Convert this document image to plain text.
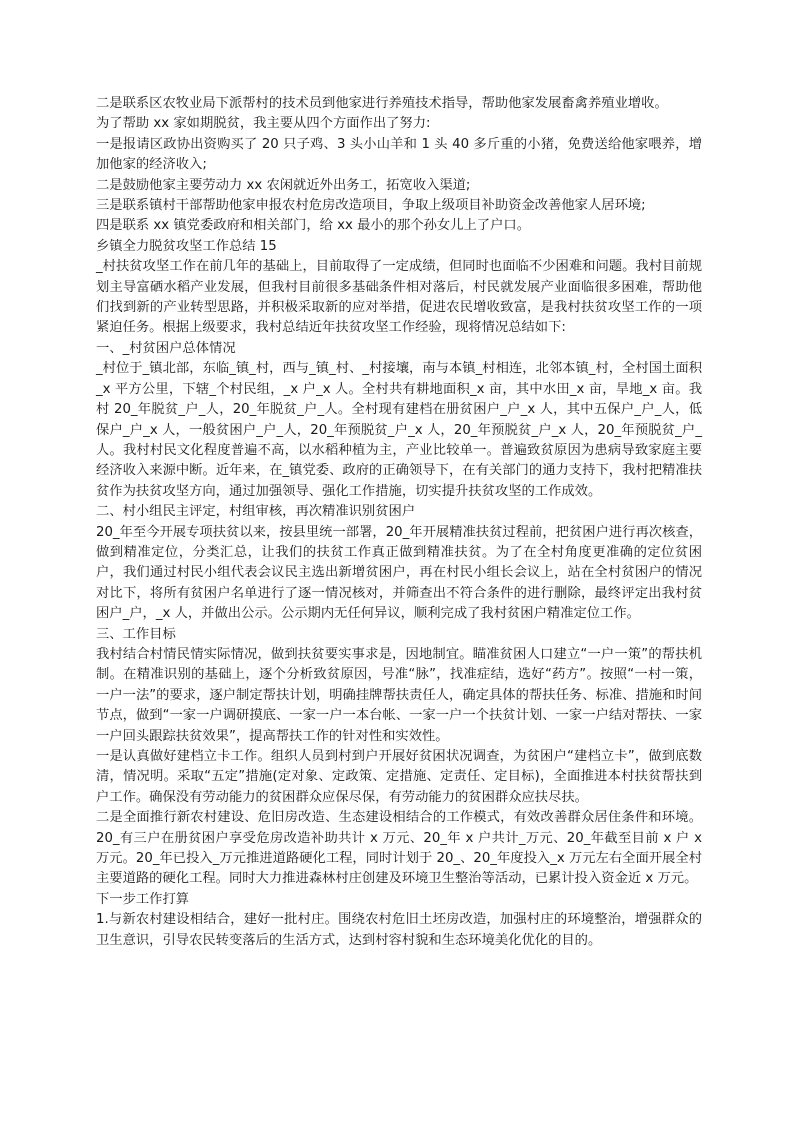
二是联系区农牧业局下派帮村的技术员到他家进行养殖技术指导，帮助他家发展畜禽养殖业增收。

为了帮助 xx 家如期脱贫，我主要从四个方面作出了努力:

一是报请区政协出资购买了 20 只子鸡、3 头小山羊和 1 头 40 多斤重的小猪，免费送给他家喂养，增加他家的经济收入;

二是鼓励他家主要劳动力 xx 农闲就近外出务工，拓宽收入渠道;

三是联系镇村干部帮助他家申报农村危房改造项目，争取上级项目补助资金改善他家人居环境;

四是联系 xx 镇党委政府和相关部门，给 xx 最小的那个孙女儿上了户口。

乡镇全力脱贫攻坚工作总结 15

_村扶贫攻坚工作在前几年的基础上，目前取得了一定成绩，但同时也面临不少困难和问题。我村目前规划主导富硒水稻产业发展，但我村目前很多基础条件相对落后，村民就发展产业面临很多困难，帮助他们找到新的产业转型思路，并积极采取新的应对举措，促进农民增收致富，是我村扶贫攻坚工作的一项紧迫任务。根据上级要求，我村总结近年扶贫攻坚工作经验，现将情况总结如下:

一、_村贫困户总体情况

_村位于_镇北部，东临_镇_村，西与_镇_村、_村接壤，南与本镇_村相连，北邻本镇_村，全村国土面积_x 平方公里，下辖_个村民组，_x 户_x 人。全村共有耕地面积_x 亩，其中水田_x 亩，旱地_x 亩。我村 20_年脱贫_户_人，20_年脱贫_户_人。全村现有建档在册贫困户_户_x 人，其中五保户_户_人，低保户_户_x 人，一般贫困户_户_人，20_年预脱贫_户_x 人，20_年预脱贫_户_x 人，20_年预脱贫_户_人。我村村民文化程度普遍不高，以水稻种植为主，产业比较单一。普遍致贫原因为患病导致家庭主要经济收入来源中断。近年来，在_镇党委、政府的正确领导下，在有关部门的通力支持下，我村把精准扶贫作为扶贫攻坚方向，通过加强领导、强化工作措施，切实提升扶贫攻坚的工作成效。

二、村小组民主评定，村组审核，再次精准识别贫困户

20_年至今开展专项扶贫以来，按县里统一部署，20_年开展精准扶贫过程前，把贫困户进行再次核查，做到精准定位，分类汇总，让我们的扶贫工作真正做到精准扶贫。为了在全村角度更准确的定位贫困户，我们通过村民小组代表会议民主选出新增贫困户，再在村民小组长会议上，站在全村贫困户的情况对比下，将所有贫困户名单进行了逐一情况核对，并筛查出不符合条件的进行删除，最终评定出我村贫困户_户，_x 人，并做出公示。公示期内无任何异议，顺利完成了我村贫困户精准定位工作。

三、工作目标

我村结合村情民情实际情况，做到扶贫要实事求是，因地制宜。瞄准贫困人口建立“一户一策”的帮扶机制。在精准识别的基础上，逐个分析致贫原因，号准“脉”，找准症结，选好“药方”。按照“一村一策，一户一法”的要求，逐户制定帮扶计划，明确挂牌帮扶责任人，确定具体的帮扶任务、标准、措施和时间节点，做到“一家一户调研摸底、一家一户一本台帐、一家一户一个扶贫计划、一家一户结对帮扶、一家一户回头跟踪扶贫效果”，提高帮扶工作的针对性和实效性。

一是认真做好建档立卡工作。组织人员到村到户开展好贫困状况调查，为贫困户“建档立卡”，做到底数清，情况明。采取“五定”措施(定对象、定政策、定措施、定责任、定目标)，全面推进本村扶贫帮扶到户工作。确保没有劳动能力的贫困群众应保尽保，有劳动能力的贫困群众应扶尽扶。

二是全面推行新农村建设、危旧房改造、生态建设相结合的工作模式，有效改善群众居住条件和环境。20_有三户在册贫困户享受危房改造补助共计 x 万元、20_年 x 户共计_万元、20_年截至目前 x 户 x 万元。20_年已投入_万元推进道路硬化工程，同时计划于 20_、20_年度投入_x 万元左右全面开展全村主要道路的硬化工程。同时大力推进森林村庄创建及环境卫生整治等活动，已累计投入资金近 x 万元。

下一步工作打算

1.与新农村建设相结合，建好一批村庄。围绕农村危旧土坯房改造，加强村庄的环境整治，增强群众的卫生意识，引导农民转变落后的生活方式，达到村容村貌和生态环境美化优化的目的。
